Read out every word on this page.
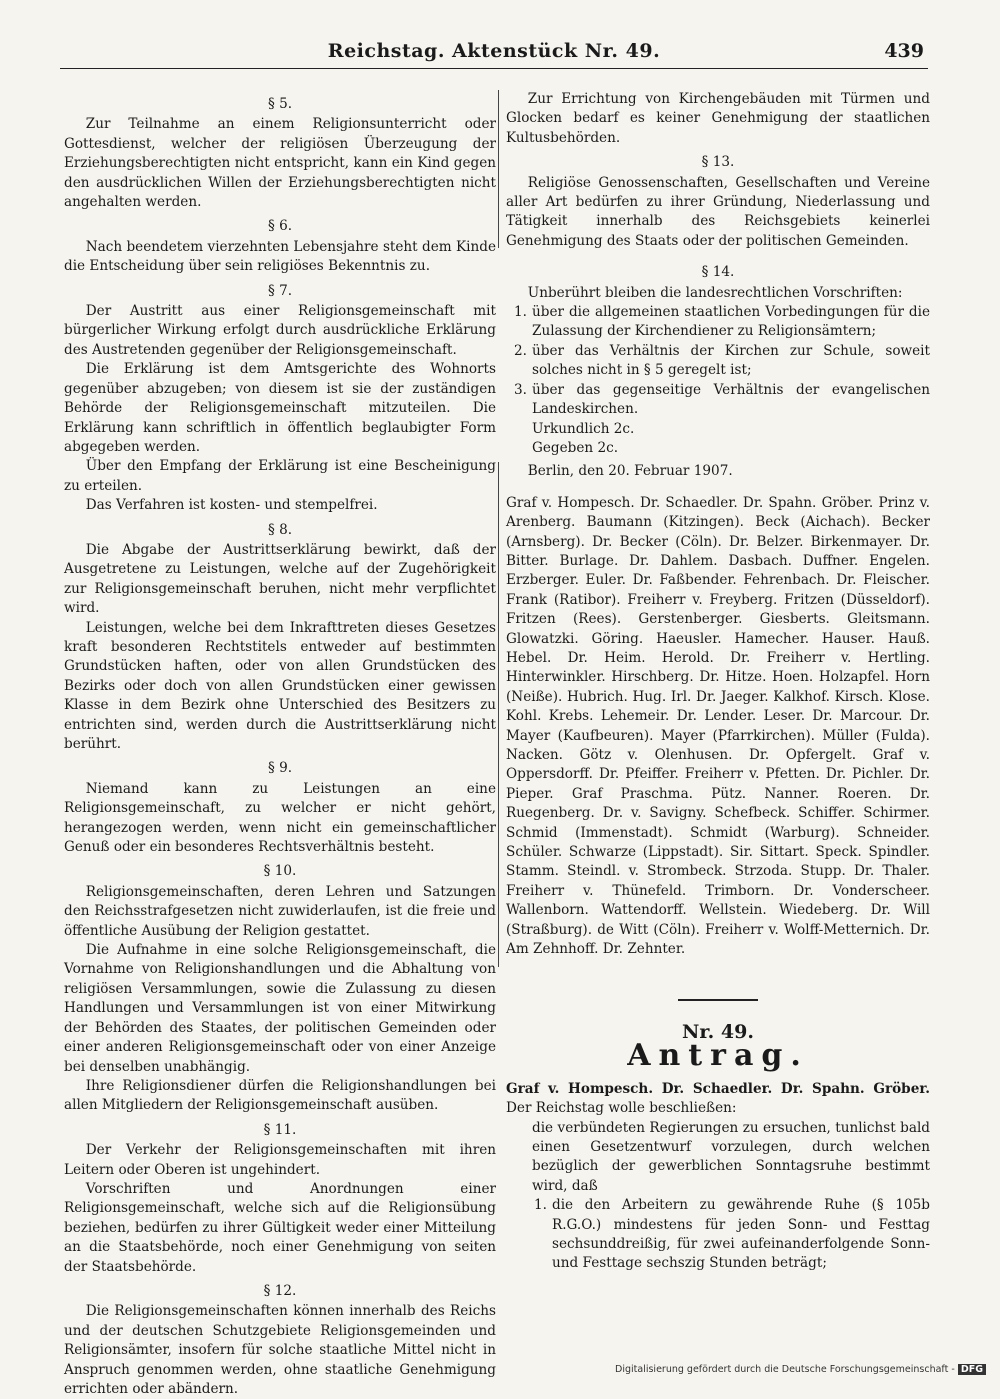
Reichstag. Aktenstück Nr. 49.	439
§ 5.

Zur Teilnahme an einem Religionsunterricht oder Gottesdienst, welcher der religiösen Überzeugung der Erziehungsberechtigten nicht entspricht, kann ein Kind gegen den ausdrücklichen Willen der Erziehungsberechtigten nicht angehalten werden.

§ 6.

Nach beendetem vierzehnten Lebensjahre steht dem Kinde die Entscheidung über sein religiöses Bekenntnis zu.

§ 7.

Der Austritt aus einer Religionsgemeinschaft mit bürgerlicher Wirkung erfolgt durch ausdrückliche Erklärung des Austretenden gegenüber der Religionsgemeinschaft.

Die Erklärung ist dem Amtsgerichte des Wohnorts gegenüber abzugeben; von diesem ist sie der zuständigen Behörde der Religionsgemeinschaft mitzuteilen. Die Erklärung kann schriftlich in öffentlich beglaubigter Form abgegeben werden.

Über den Empfang der Erklärung ist eine Bescheinigung zu erteilen.

Das Verfahren ist kosten- und stempelfrei.

§ 8.

Die Abgabe der Austrittserklärung bewirkt, daß der Ausgetretene zu Leistungen, welche auf der Zugehörigkeit zur Religionsgemeinschaft beruhen, nicht mehr verpflichtet wird.

Leistungen, welche bei dem Inkrafttreten dieses Gesetzes kraft besonderen Rechtstitels entweder auf bestimmten Grundstücken haften, oder von allen Grundstücken des Bezirks oder doch von allen Grundstücken einer gewissen Klasse in dem Bezirk ohne Unterschied des Besitzers zu entrichten sind, werden durch die Austrittserklärung nicht berührt.

§ 9.

Niemand kann zu Leistungen an eine Religionsgemeinschaft, zu welcher er nicht gehört, herangezogen werden, wenn nicht ein gemeinschaftlicher Genuß oder ein besonderes Rechtsverhältnis besteht.

§ 10.

Religionsgemeinschaften, deren Lehren und Satzungen den Reichsstrafgesetzen nicht zuwiderlaufen, ist die freie und öffentliche Ausübung der Religion gestattet.

Die Aufnahme in eine solche Religionsgemeinschaft, die Vornahme von Religionshandlungen und die Abhaltung von religiösen Versammlungen, sowie die Zulassung zu diesen Handlungen und Versammlungen ist von einer Mitwirkung der Behörden des Staates, der politischen Gemeinden oder einer anderen Religionsgemeinschaft oder von einer Anzeige bei denselben unabhängig.

Ihre Religionsdiener dürfen die Religionshandlungen bei allen Mitgliedern der Religionsgemeinschaft ausüben.

§ 11.

Der Verkehr der Religionsgemeinschaften mit ihren Leitern oder Oberen ist ungehindert.

Vorschriften und Anordnungen einer Religionsgemeinschaft, welche sich auf die Religionsübung beziehen, bedürfen zu ihrer Gültigkeit weder einer Mitteilung an die Staatsbehörde, noch einer Genehmigung von seiten der Staatsbehörde.

§ 12.

Die Religionsgemeinschaften können innerhalb des Reichs und der deutschen Schutzgebiete Religionsgemeinden und Religionsämter, insofern für solche staatliche Mittel nicht in Anspruch genommen werden, ohne staatliche Genehmigung errichten oder abändern.

Zur Errichtung von Kirchengebäuden mit Türmen und Glocken bedarf es keiner Genehmigung der staatlichen Kultusbehörden.

§ 13.

Religiöse Genossenschaften, Gesellschaften und Vereine aller Art bedürfen zu ihrer Gründung, Niederlassung und Tätigkeit innerhalb des Reichsgebiets keinerlei Genehmigung des Staats oder der politischen Gemeinden.

§ 14.

Unberührt bleiben die landesrechtlichen Vorschriften:

1. über die allgemeinen staatlichen Vorbedingungen für die Zulassung der Kirchendiener zu Religionsämtern;

2. über das Verhältnis der Kirchen zur Schule, soweit solches nicht in § 5 geregelt ist;

3. über das gegenseitige Verhältnis der evangelischen Landeskirchen.

Urkundlich 2c.

Gegeben 2c.

Berlin, den 20. Februar 1907.

Graf v. Hompesch. Dr. Schaedler. Dr. Spahn. Gröber. Prinz v. Arenberg. Baumann (Kitzingen). Beck (Aichach). Becker (Arnsberg). Dr. Becker (Cöln). Dr. Belzer. Birkenmayer. Dr. Bitter. Burlage. Dr. Dahlem. Dasbach. Duffner. Engelen. Erzberger. Euler. Dr. Faßbender. Fehrenbach. Dr. Fleischer. Frank (Ratibor). Freiherr v. Freyberg. Fritzen (Düsseldorf). Fritzen (Rees). Gerstenberger. Giesberts. Gleitsmann. Glowatzki. Göring. Haeusler. Hamecher. Hauser. Hauß. Hebel. Dr. Heim. Herold. Dr. Freiherr v. Hertling. Hinterwinkler. Hirschberg. Dr. Hitze. Hoen. Holzapfel. Horn (Neiße). Hubrich. Hug. Irl. Dr. Jaeger. Kalkhof. Kirsch. Klose. Kohl. Krebs. Lehemeir. Dr. Lender. Leser. Dr. Marcour. Dr. Mayer (Kaufbeuren). Mayer (Pfarrkirchen). Müller (Fulda). Nacken. Götz v. Olenhusen. Dr. Opfergelt. Graf v. Oppersdorff. Dr. Pfeiffer. Freiherr v. Pfetten. Dr. Pichler. Dr. Pieper. Graf Praschma. Pütz. Nanner. Roeren. Dr. Ruegenberg. Dr. v. Savigny. Schefbeck. Schiffer. Schirmer. Schmid (Immenstadt). Schmidt (Warburg). Schneider. Schüler. Schwarze (Lippstadt). Sir. Sittart. Speck. Spindler. Stamm. Steindl. v. Strombeck. Strzoda. Stupp. Dr. Thaler. Freiherr v. Thünefeld. Trimborn. Dr. Vonderscheer. Wallenborn. Wattendorff. Wellstein. Wiedeberg. Dr. Will (Straßburg). de Witt (Cöln). Freiherr v. Wolff-Metternich. Dr. Am Zehnhoff. Dr. Zehnter.

Nr. 49.
Antrag.

Graf v. Hompesch. Dr. Schaedler. Dr. Spahn. Gröber. Der Reichstag wolle beschließen:

die verbündeten Regierungen zu ersuchen, tunlichst bald einen Gesetzentwurf vorzulegen, durch welchen bezüglich der gewerblichen Sonntagsruhe bestimmt wird, daß

1. die den Arbeitern zu gewährende Ruhe (§ 105b R.G.O.) mindestens für jeden Sonn- und Festtag sechsunddreißig, für zwei aufeinanderfolgende Sonn- und Festtage sechszig Stunden beträgt;

Digitalisierung gefördert durch die Deutsche Forschungsgemeinschaft - DFG
